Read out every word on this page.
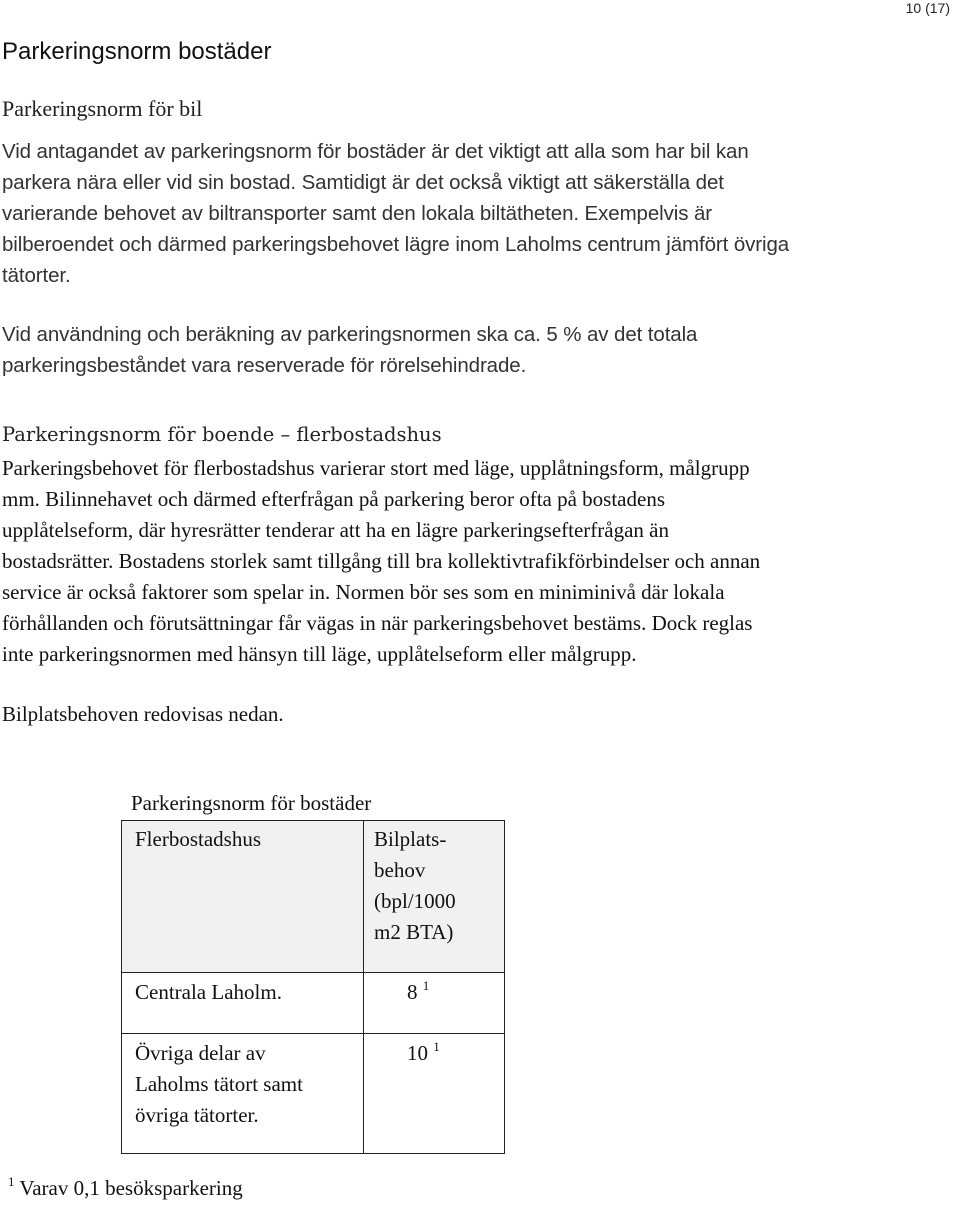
10 (17)
Parkeringsnorm bostäder
Parkeringsnorm för bil
Vid antagandet av parkeringsnorm för bostäder är det viktigt att alla som har bil kan
parkera nära eller vid sin bostad. Samtidigt är det också viktigt att säkerställa det
varierande behovet av biltransporter samt den lokala biltätheten. Exempelvis är
bilberoendet och därmed parkeringsbehovet lägre inom Laholms centrum jämfört övriga
tätorter.
Vid användning och beräkning av parkeringsnormen ska ca. 5 % av det totala
parkeringsbeståndet vara reserverade för rörelsehindrade.
Parkeringsnorm för boende – flerbostadshus
Parkeringsbehovet för flerbostadshus varierar stort med läge, upplåtningsform, målgrupp
mm. Bilinnehavet och därmed efterfrågan på parkering beror ofta på bostadens
upplåtelseform, där hyresrätter tenderar att ha en lägre parkeringsefterfrågan än
bostadsrätter. Bostadens storlek samt tillgång till bra kollektivtrafikförbindelser och annan
service är också faktorer som spelar in. Normen bör ses som en miniminivå där lokala
förhållanden och förutsättningar får vägas in när parkeringsbehovet bestäms. Dock reglas
inte parkeringsnormen med hänsyn till läge, upplåtelseform eller målgrupp.
Bilplatsbehoven redovisas nedan.
Parkeringsnorm för bostäder
Flerbostadshus	Bilplats-
behov
(bpl/1000
m2 BTA)

Centrala Laholm.	8 $^1$

Övriga delar av
Laholms tätort samt
övriga tätorter.	10 $^1$
$^1$ Varav 0,1 besöksparkering
